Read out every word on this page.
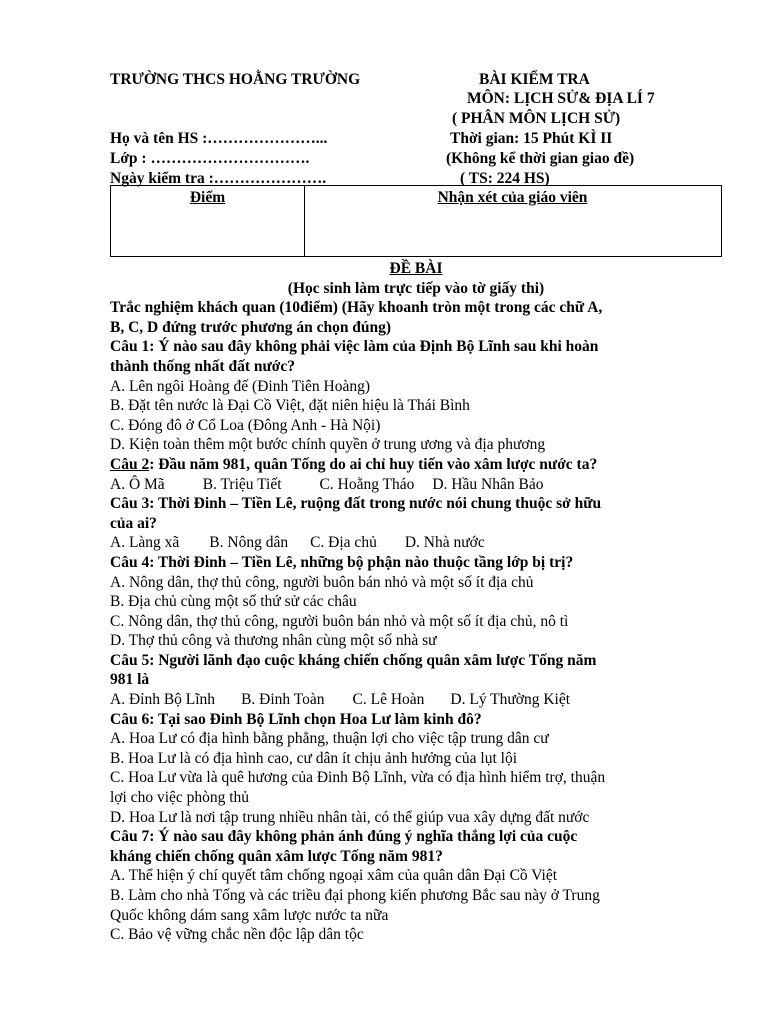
TRƯỜNG THCS HOẰNG TRƯỜNG	BÀI KIỂM TRA
MÔN: LỊCH SỬ& ĐỊA LÍ 7
( PHÂN MÔN LỊCH SỬ)
Họ và tên HS :…………………...	Thời gian: 15 Phút KÌ II
Lớp : ………………………….	(Không kể thời gian giao đề)
Ngày kiểm tra :………………….	( TS: 224 HS)
Điểm	Nhận xét của giáo viên
ĐỀ BÀI
(Học sinh làm trực tiếp vào tờ giấy thi)
Trắc nghiệm khách quan (10điểm) (Hãy khoanh tròn một trong các chữ A,
B, C, D đứng trước phương án chọn đúng)
Câu 1: Ý nào sau đây không phải việc làm của Định Bộ Lĩnh sau khi hoàn
thành thống nhất đất nước?
A. Lên ngôi Hoàng đế (Đinh Tiên Hoàng)
B. Đặt tên nước là Đại Cồ Việt, đặt niên hiệu là Thái Bình
C. Đóng đô ở Cổ Loa (Đông Anh - Hà Nội)
D. Kiện toàn thêm một bước chính quyền ở trung ương và địa phương
Câu 2: Đầu năm 981, quân Tống do ai chỉ huy tiến vào xâm lược nước ta?
A. Ô Mã B. Triệu Tiết C. Hoằng Tháo D. Hầu Nhân Bảo
Câu 3: Thời Đinh – Tiền Lê, ruộng đất trong nước nói chung thuộc sở hữu
của ai?
A. Làng xã B. Nông dân C. Địa chủ D. Nhà nước
Câu 4: Thời Đinh – Tiền Lê, những bộ phận nào thuộc tầng lớp bị trị?
A. Nông dân, thợ thủ công, người buôn bán nhỏ và một số ít địa chủ
B. Địa chủ cùng một số thứ sử các châu
C. Nông dân, thợ thủ công, người buôn bán nhỏ và một số ít địa chủ, nô tì
D. Thợ thủ công và thương nhân cùng một số nhà sư
Câu 5: Người lãnh đạo cuộc kháng chiến chống quân xâm lược Tống năm
981 là
A. Đỉnh Bộ Lĩnh B. Đinh Toàn C. Lê Hoàn D. Lý Thường Kiệt
Câu 6: Tại sao Đinh Bộ Lĩnh chọn Hoa Lư làm kinh đô?
A. Hoa Lư có địa hình bằng phẳng, thuận lợi cho việc tập trung dân cư
B. Hoa Lư là có địa hình cao, cư dân ít chịu ảnh hưởng của lụt lội
C. Hoa Lư vừa là quê hương của Đinh Bộ Lĩnh, vừa có địa hình hiểm trợ, thuận
lợi cho việc phòng thủ
D. Hoa Lư là nơi tập trung nhiều nhân tài, có thể giúp vua xây dựng đất nước
Câu 7: Ý nào sau đây không phản ánh đúng ý nghĩa thắng lợi của cuộc
kháng chiến chống quân xâm lược Tống năm 981?
A. Thể hiện ý chí quyết tâm chống ngoại xâm của quân dân Đại Cồ Việt
B. Làm cho nhà Tống và các triều đại phong kiến phương Bắc sau này ở Trung
Quốc không dám sang xâm lược nước ta nữa
C. Bảo vệ vững chắc nền độc lập dân tộc
